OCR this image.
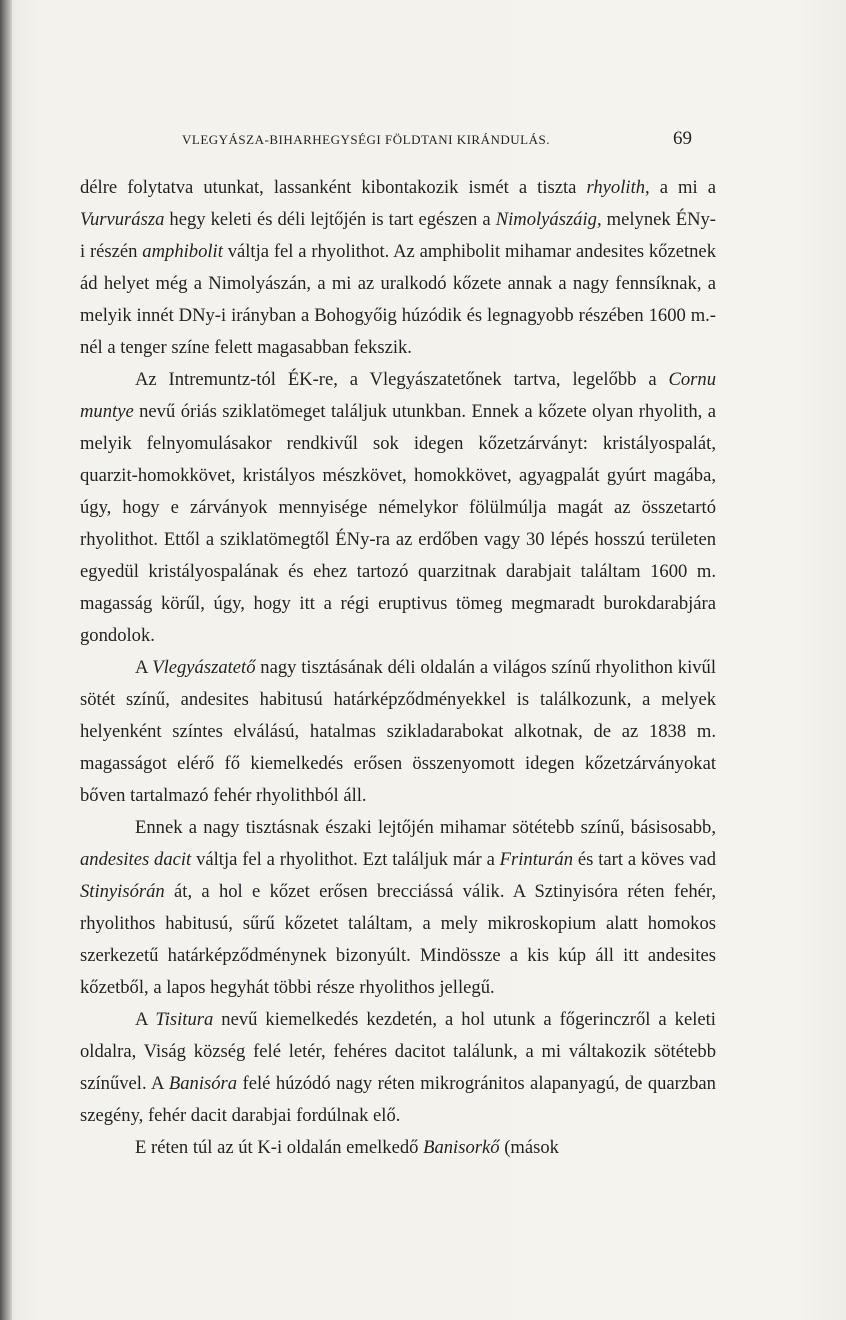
VLEGYÁSZA-BIHARHEGYSÉGI FÖLDTANI KIRÁNDULÁS.	69

délre folytatva utunkat, lassanként kibontakozik ismét a tiszta rhyolith, a mi a Vurvurásza hegy keleti és déli lejtőjén is tart egészen a Nimolyászáig, melynek ÉNy-i részén amphibolit váltja fel a rhyolithot. Az amphibolit mihamar andesites kőzetnek ád helyet még a Nimolyászán, a mi az uralkodó kőzete annak a nagy fennsíknak, a melyik innét DNy-i irányban a Bohogyőig húzódik és legnagyobb részében 1600 m.-nél a tenger színe felett magasabban fekszik.

Az Intremuntz-tól ÉK-re, a Vlegyászatetőnek tartva, legelőbb a Cornu muntye nevű óriás sziklatömeget találjuk utunkban. Ennek a kőzete olyan rhyolith, a melyik felnyomulásakor rendkivűl sok idegen kőzetzárványt: kristályospalát, quarzit-homokkövet, kristályos mészkövet, homokkövet, agyagpalát gyúrt magába, úgy, hogy e zárványok mennyisége némelykor fölülmúlja magát az összetartó rhyolithot. Ettől a sziklatömegtől ÉNy-ra az erdőben vagy 30 lépés hosszú területen egyedül kristályospalának és ehez tartozó quarzitnak darabjait találtam 1600 m. magasság körűl, úgy, hogy itt a régi eruptivus tömeg megmaradt burokdarabjára gondolok.

A Vlegyászatető nagy tisztásának déli oldalán a világos színű rhyolithon kivűl sötét színű, andesites habitusú határképződményekkel is találkozunk, a melyek helyenként színtes elválású, hatalmas szikladarabokat alkotnak, de az 1838 m. magasságot elérő fő kiemelkedés erősen összenyomott idegen kőzetzárványokat bőven tartalmazó fehér rhyolithból áll.

Ennek a nagy tisztásnak északi lejtőjén mihamar sötétebb színű, básisosabb, andesites dacit váltja fel a rhyolithot. Ezt találjuk már a Frinturán és tart a köves vad Stinyisórán át, a hol e kőzet erősen brecciássá válik. A Sztinyisóra réten fehér, rhyolithos habitusú, sűrű kőzetet találtam, a mely mikroskopium alatt homokos szerkezetű határképződménynek bizonyúlt. Mindössze a kis kúp áll itt andesites kőzetből, a lapos hegyhát többi része rhyolithos jellegű.

A Tisitura nevű kiemelkedés kezdetén, a hol utunk a főgerinczről a keleti oldalra, Viság község felé letér, fehéres dacitot találunk, a mi váltakozik sötétebb színűvel. A Banisóra felé húzódó nagy réten mikrogránitos alapanyagú, de quarzban szegény, fehér dacit darabjai fordúlnak elő.

E réten túl az út K-i oldalán emelkedő Banisorkő (mások
